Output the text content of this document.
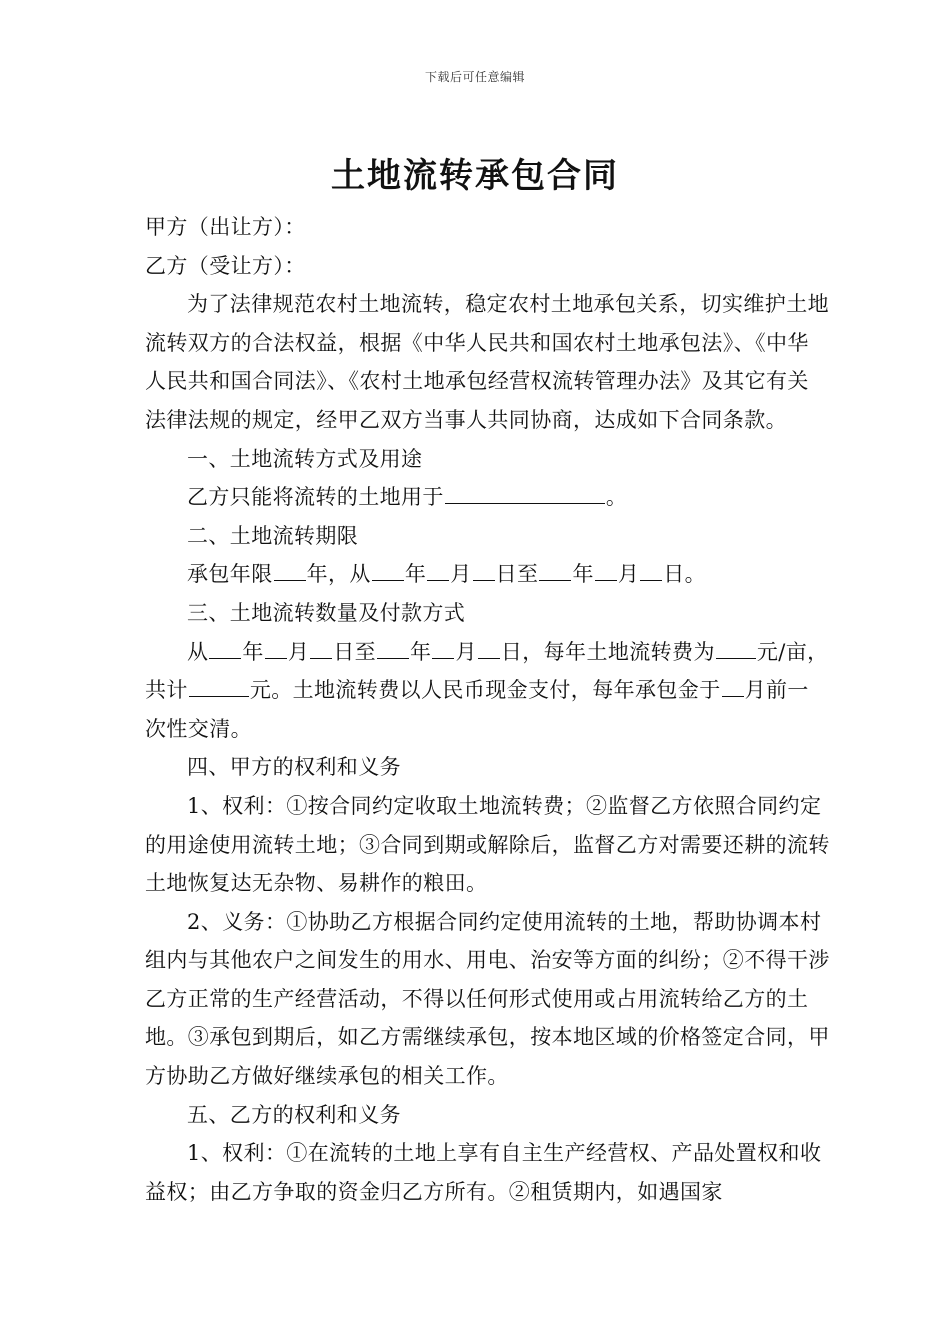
下载后可任意编辑
土地流转承包合同

甲方（出让方）：

乙方（受让方）：

为了法律规范农村土地流转，稳定农村土地承包关系，切实维护土地流转双方的合法权益，根据《中华人民共和国农村土地承包法》、《中华人民共和国合同法》、《农村土地承包经营权流转管理办法》及其它有关法律法规的规定，经甲乙双方当事人共同协商，达成如下合同条款。

一、土地流转方式及用途

乙方只能将流转的土地用于	。

二、土地流转期限

承包年限 年，从 年 月 日至 年 月 日。

三、土地流转数量及付款方式

从 年 月 日至 年 月 日，每年土地流转费为 元/亩，共计	元。土地流转费以人民币现金支付，每年承包金于 月前一次性交清。

四、甲方的权利和义务

1、权利：①按合同约定收取土地流转费；②监督乙方依照合同约定的用途使用流转土地；③合同到期或解除后，监督乙方对需要还耕的流转土地恢复达无杂物、易耕作的粮田。

2、义务：①协助乙方根据合同约定使用流转的土地，帮助协调本村组内与其他农户之间发生的用水、用电、治安等方面的纠纷；②不得干涉乙方正常的生产经营活动，不得以任何形式使用或占用流转给乙方的土地。③承包到期后，如乙方需继续承包，按本地区域的价格签定合同，甲方协助乙方做好继续承包的相关工作。

五、乙方的权利和义务

1、权利：①在流转的土地上享有自主生产经营权、产品处置权和收益权；由乙方争取的资金归乙方所有。②租赁期内，如遇国家
